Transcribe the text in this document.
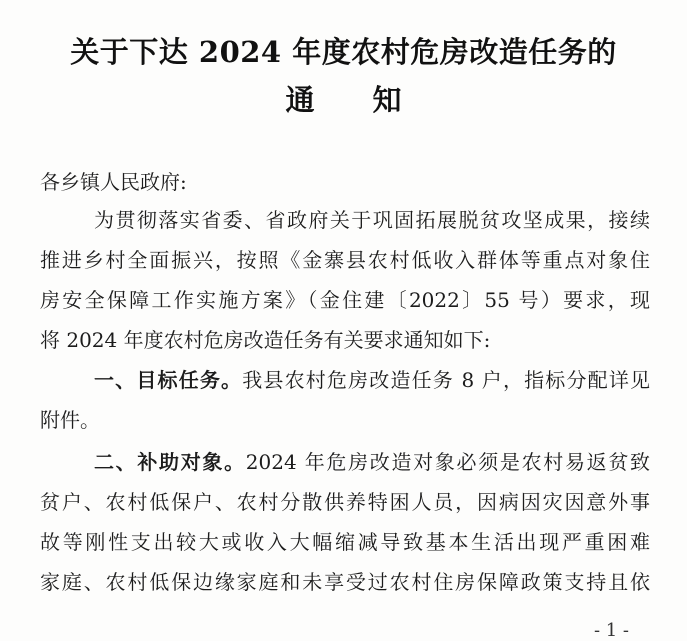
关于下达 2024 年度农村危房改造任务的
通知
各乡镇人民政府:
为贯彻落实省委、省政府关于巩固拓展脱贫攻坚成果，接续
推进乡村全面振兴，按照《金寨县农村低收入群体等重点对象住
房安全保障工作实施方案》（金住建〔2022〕55 号）要求，现
将 2024 年度农村危房改造任务有关要求通知如下:
一、目标任务。我县农村危房改造任务 8 户，指标分配详见
附件。
二、补助对象。2024 年危房改造对象必须是农村易返贫致
贫户、农村低保户、农村分散供养特困人员，因病因灾因意外事
故等刚性支出较大或收入大幅缩减导致基本生活出现严重困难
家庭、农村低保边缘家庭和未享受过农村住房保障政策支持且依
- 1 -
